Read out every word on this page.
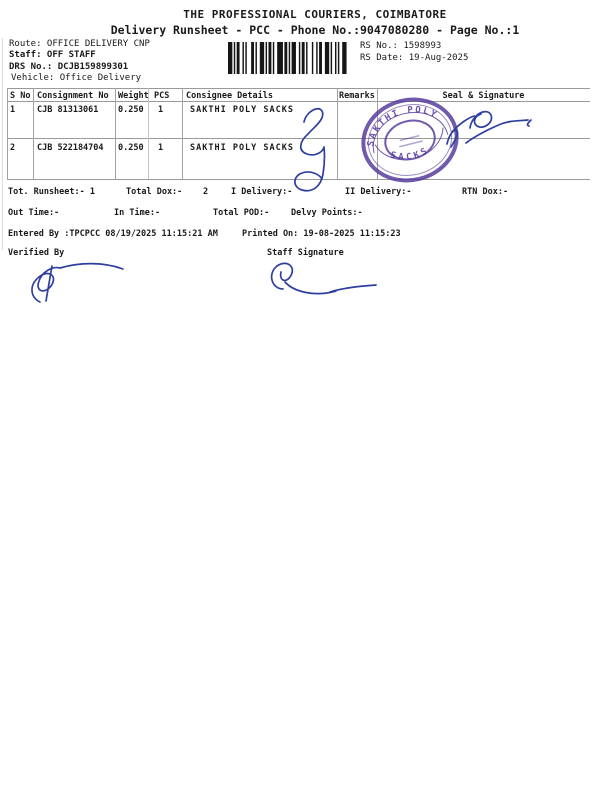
THE PROFESSIONAL COURIERS, COIMBATORE
Delivery Runsheet - PCC - Phone No.:9047080280 - Page No.:1
Route: OFFICE DELIVERY CNP
Staff: OFF STAFF
DRS No.: DCJB159899301
Vehicle: Office Delivery
RS No.: 1598993
RS Date: 19-Aug-2025
S No Consignment No Weight PCS Consignee Details	Remarks	Seal & Signature
1	CJB 81313061 0.250 1	SAKTHI POLY SACKS
2	CJB 522184704 0.250 1	SAKTHI POLY SACKS
SAKTHI POLY
SACKS
Tot. Runsheet:- 1	Total Dox:- 2	I Delivery:-	II Delivery:-	RTN Dox:-
Out Time:-	In Time:-	Total POD:-	Delvy Points:-
Entered By :TPCPCC 08/19/2025 11:15:21 AM	Printed On: 19-08-2025 11:15:23
Verified By	Staff Signature
